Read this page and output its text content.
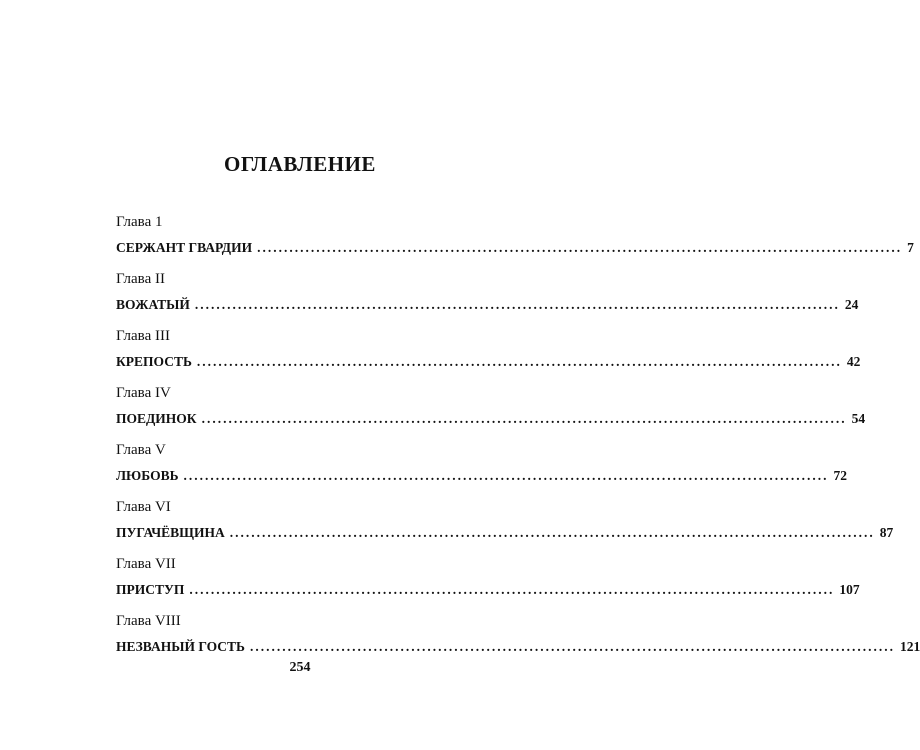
ОГЛАВЛЕНИЕ
Глава 1
СЕРЖАНТ ГВАРДИИ ........................................................................................................................ 7
Глава II
ВОЖАТЫЙ ........................................................................................................................ 24
Глава III
КРЕПОСТЬ ........................................................................................................................ 42
Глава IV
ПОЕДИНОК ........................................................................................................................ 54
Глава V
ЛЮБОВЬ ........................................................................................................................ 72
Глава VI
ПУГАЧЁВЩИНА ........................................................................................................................ 87
Глава VII
ПРИСТУП ........................................................................................................................ 107
Глава VIII
НЕЗВАНЫЙ ГОСТЬ ........................................................................................................................ 121
254
